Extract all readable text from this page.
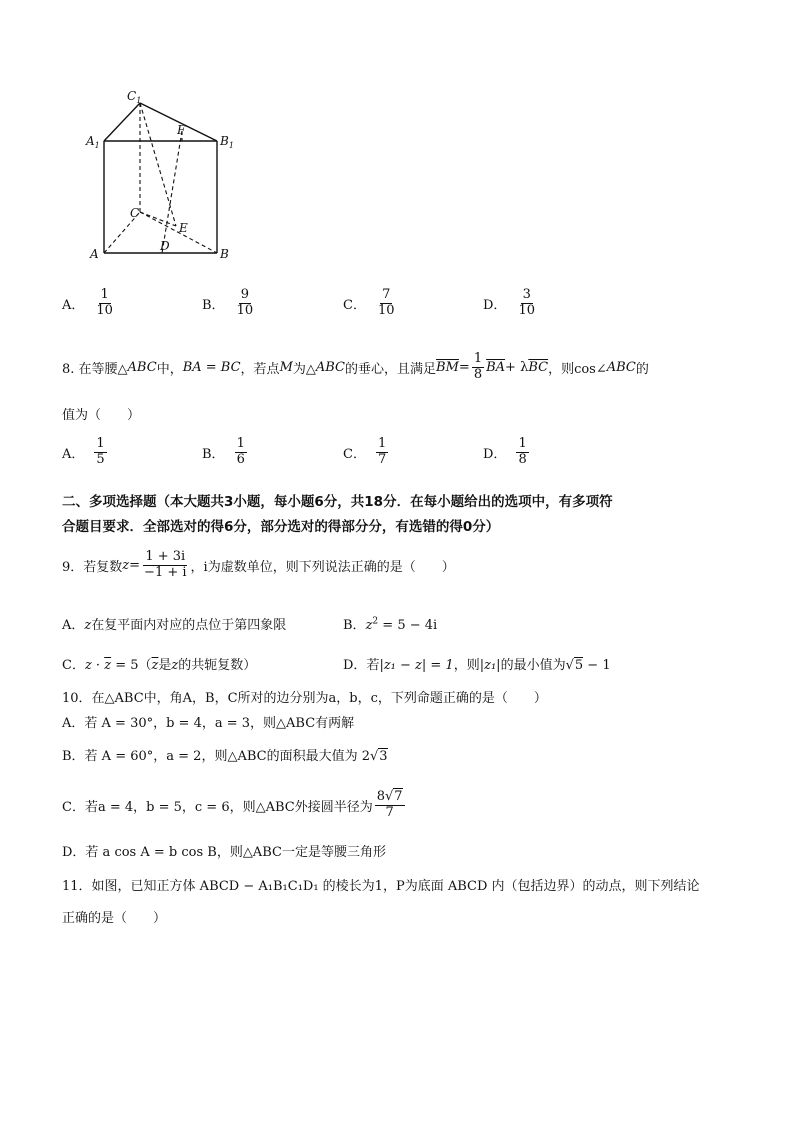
$C_1$
$A_1$	$B_1$
F
C
E
A
D
B
A． $\frac{1}{10}$	B． $\frac{9}{10}$	C． $\frac{7}{10}$	D． $\frac{3}{10}$
8. 在等腰△ ABC 中， BA = BC ，若点 M 为△ ABC 的垂心，且满足 $\overline{BM} = \frac{1}{8} \overline{BA} + \lambda$ $\overline{BC}$ ，则cos∠ ABC 的
值为（　　）
A． $\frac{1}{5}$	B． $\frac{1}{6}$	C． $\frac{1}{7}$	D． $\frac{1}{8}$
二、多项选择题（本大题共3小题，每小题6分，共18分．在每小题给出的选项中，有多项符
合题目要求．全部选对的得6分，部分选对的得部分分，有选错的得0分）
9．若复数 $z = \frac{1 + 3i}{-1 + i}$ ，i为虚数单位，则下列说法正确的是（　　）
A．z在复平面内对应的点位于第四象限	B．$z^2 = 5 - 4i$
C．$z \cdot \overline{z} = 5(\overline{z}$是z的共轭复数）	D．若|z₁ − z| = 1，则|z₁|的最小值为√5 − 1
10．在△ABC中，角A，B，C所对的边分别为a，b，c，下列命题正确的是（　　）
A．若 A = 30°，b = 4，a = 3，则△ABC有两解
B．若 A = 60°，a = 2，则△ABC的面积最大值为 2√3
C．若a = 4，b = 5，c = 6，则△ABC外接圆半径为 $\frac{8√7}{7}$
D．若 a cos A = b cos B，则△ABC一定是等腰三角形
11．如图，已知正方体 ABCD − A₁B₁C₁D₁ 的棱长为1，P为底面 ABCD 内（包括边界）的动点，则下列结论
正确的是（　　）
